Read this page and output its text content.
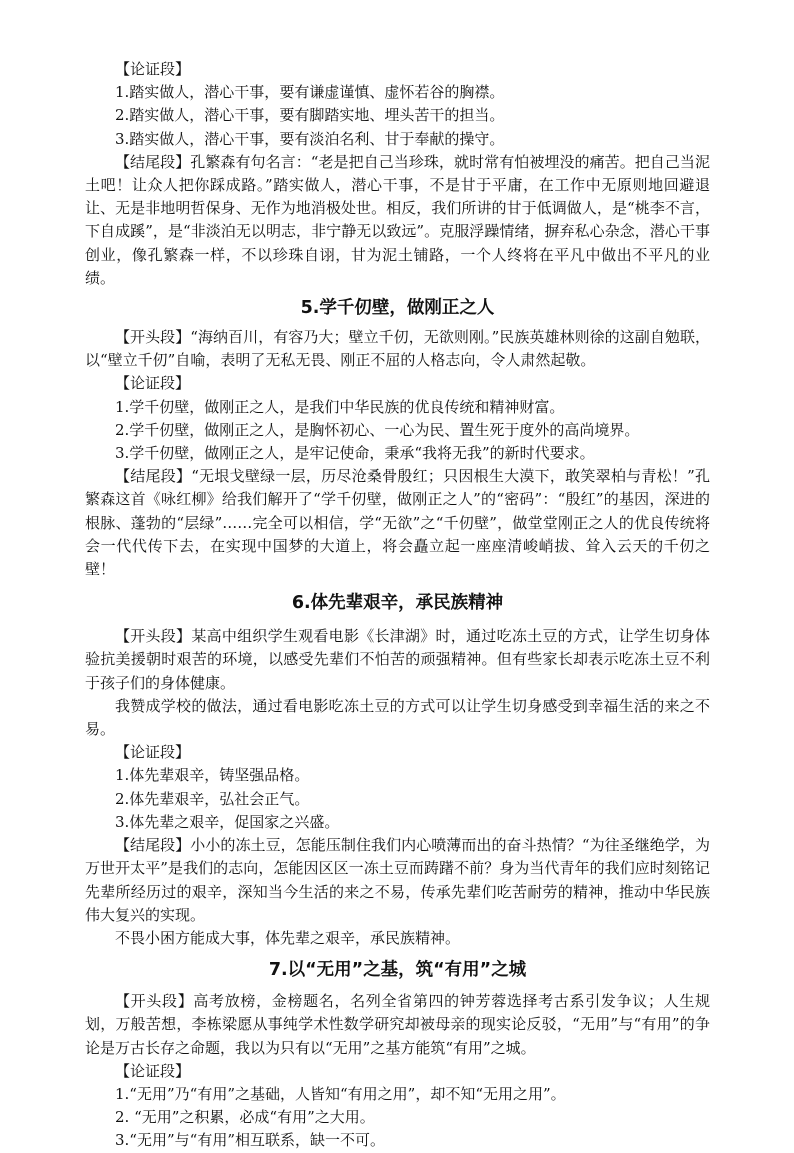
【论证段】

1.踏实做人，潜心干事，要有谦虚谨慎、虚怀若谷的胸襟。

2.踏实做人，潜心干事，要有脚踏实地、埋头苦干的担当。

3.踏实做人，潜心干事，要有淡泊名利、甘于奉献的操守。

【结尾段】孔繁森有句名言：“老是把自己当珍珠，就时常有怕被埋没的痛苦。把自己当泥土吧！让众人把你踩成路。”踏实做人，潜心干事，不是甘于平庸，在工作中无原则地回避退让、无是非地明哲保身、无作为地消极处世。相反，我们所讲的甘于低调做人，是“桃李不言，下自成蹊”，是“非淡泊无以明志，非宁静无以致远”。克服浮躁情绪，摒弃私心杂念，潜心干事创业，像孔繁森一样，不以珍珠自诩，甘为泥土铺路，一个人终将在平凡中做出不平凡的业绩。

5.学千仞壁，做刚正之人

【开头段】“海纳百川，有容乃大；壁立千仞，无欲则刚。”民族英雄林则徐的这副自勉联，以“壁立千仞”自喻，表明了无私无畏、刚正不屈的人格志向，令人肃然起敬。

【论证段】

1.学千仞壁，做刚正之人，是我们中华民族的优良传统和精神财富。

2.学千仞壁，做刚正之人，是胸怀初心、一心为民、置生死于度外的高尚境界。

3.学千仞壁，做刚正之人，是牢记使命，秉承“我将无我”的新时代要求。

【结尾段】“无垠戈壁绿一层，历尽沧桑骨殷红；只因根生大漠下，敢笑翠柏与青松！”孔繁森这首《咏红柳》给我们解开了“学千仞壁，做刚正之人”的“密码”：“殷红”的基因，深进的根脉、蓬勃的“层绿”……完全可以相信，学“无欲”之“千仞壁”，做堂堂刚正之人的优良传统将会一代代传下去，在实现中国梦的大道上，将会矗立起一座座清峻峭拔、耸入云天的千仞之壁！

6.体先辈艰辛，承民族精神

【开头段】某高中组织学生观看电影《长津湖》时，通过吃冻土豆的方式，让学生切身体验抗美援朝时艰苦的环境，以感受先辈们不怕苦的顽强精神。但有些家长却表示吃冻土豆不利于孩子们的身体健康。

我赞成学校的做法，通过看电影吃冻土豆的方式可以让学生切身感受到幸福生活的来之不易。

【论证段】

1.体先辈艰辛，铸坚强品格。

2.体先辈艰辛，弘社会正气。

3.体先辈之艰辛，促国家之兴盛。

【结尾段】小小的冻土豆，怎能压制住我们内心喷薄而出的奋斗热情？“为往圣继绝学，为万世开太平”是我们的志向，怎能因区区一冻土豆而踌躇不前？身为当代青年的我们应时刻铭记先辈所经历过的艰辛，深知当今生活的来之不易，传承先辈们吃苦耐劳的精神，推动中华民族伟大复兴的实现。

不畏小困方能成大事，体先辈之艰辛，承民族精神。

7.以“无用”之基，筑“有用”之城

【开头段】高考放榜，金榜题名，名列全省第四的钟芳蓉选择考古系引发争议；人生规划，万般苦想，李栋梁愿从事纯学术性数学研究却被母亲的现实论反驳，“无用”与“有用”的争论是万古长存之命题，我以为只有以“无用”之基方能筑“有用”之城。

【论证段】

1.“无用”乃“有用”之基础，人皆知“有用之用”，却不知“无用之用”。

2. “无用”之积累，必成“有用”之大用。

3.“无用”与“有用”相互联系，缺一不可。
